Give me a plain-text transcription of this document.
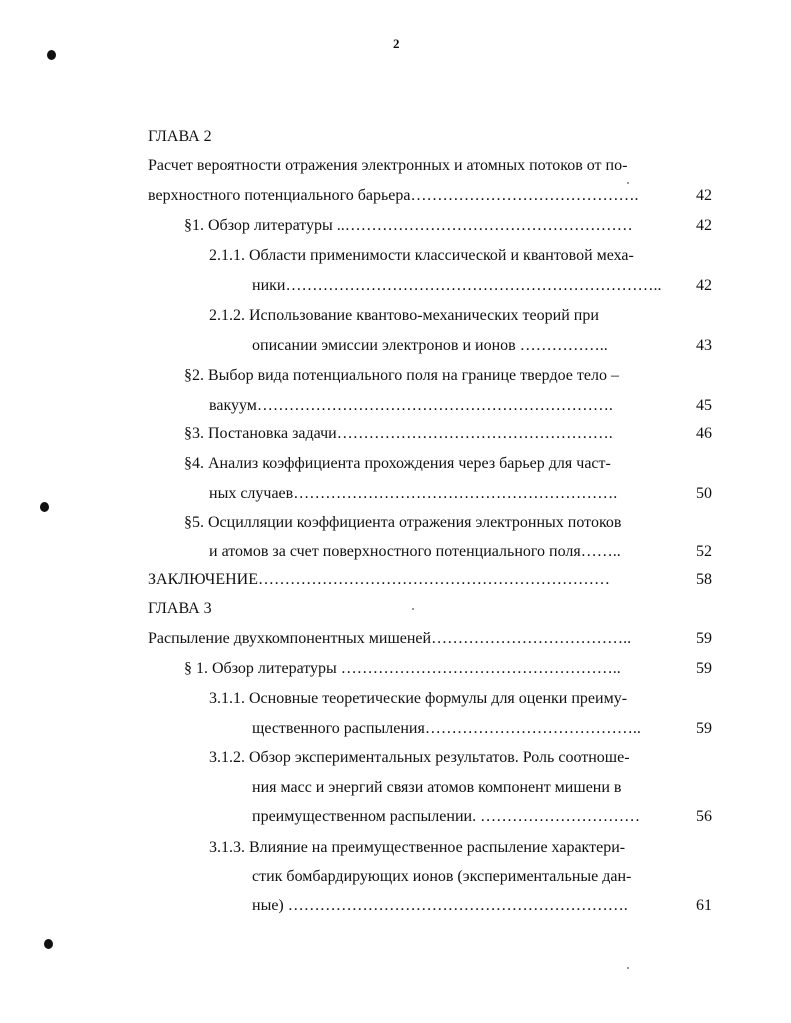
2
ГЛАВА 2
Расчет вероятности отражения электронных и атомных потоков от по-
верхностного потенциального барьера…………………………………….	42
§1. Обзор литературы ..………………………………………………	42
2.1.1. Области применимости классической и квантовой меха-
ники……………………………………………………………..	42
2.1.2. Использование квантово-механических теорий при
описании эмиссии электронов и ионов ……………..	43
§2. Выбор вида потенциального поля на границе твердое тело –
вакуум………………………………………………………….	45
§3. Постановка задачи…………………………………………….	46
§4. Анализ коэффициента прохождения через барьер для част-
ных случаев…………………………………………………….	50
§5. Осцилляции коэффициента отражения электронных потоков
и атомов за счет поверхностного потенциального поля……..	52
ЗАКЛЮЧЕНИЕ…………………………………………………………	58
ГЛАВА 3
Распыление двухкомпонентных мишеней………………………………..	59
§ 1. Обзор литературы ……………………………………………..	59
3.1.1. Основные теоретические формулы для оценки преиму-
щественного распыления…………………………………..	59
3.1.2. Обзор экспериментальных результатов. Роль соотноше-
ния масс и энергий связи атомов компонент мишени в
преимущественном распылении. …………………………	56
3.1.3. Влияние на преимущественное распыление характери-
стик бомбардирующих ионов (экспериментальные дан-
ные) ……………………………………………………….	61
